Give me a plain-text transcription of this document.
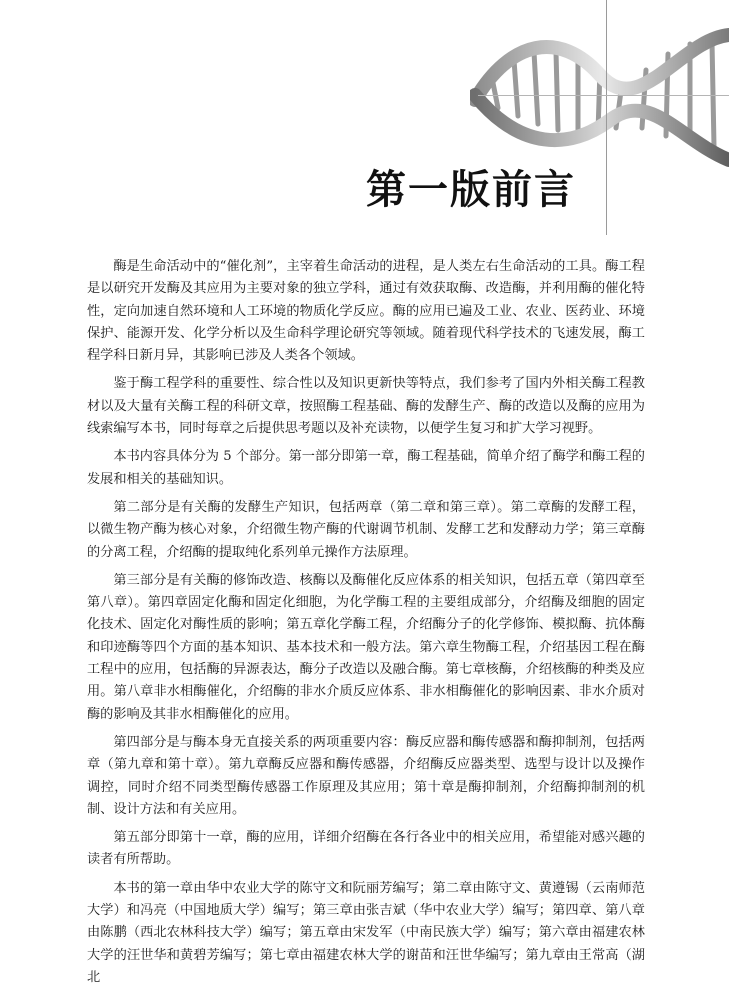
第一版前言

酶是生命活动中的“催化剂”，主宰着生命活动的进程，是人类左右生命活动的工具。酶工程是以研究开发酶及其应用为主要对象的独立学科，通过有效获取酶、改造酶，并利用酶的催化特性，定向加速自然环境和人工环境的物质化学反应。酶的应用已遍及工业、农业、医药业、环境保护、能源开发、化学分析以及生命科学理论研究等领域。随着现代科学技术的飞速发展，酶工程学科日新月异，其影响已涉及人类各个领域。

鉴于酶工程学科的重要性、综合性以及知识更新快等特点，我们参考了国内外相关酶工程教材以及大量有关酶工程的科研文章，按照酶工程基础、酶的发酵生产、酶的改造以及酶的应用为线索编写本书，同时每章之后提供思考题以及补充读物，以便学生复习和扩大学习视野。

本书内容具体分为 5 个部分。第一部分即第一章，酶工程基础，简单介绍了酶学和酶工程的发展和相关的基础知识。

第二部分是有关酶的发酵生产知识，包括两章（第二章和第三章）。第二章酶的发酵工程，以微生物产酶为核心对象，介绍微生物产酶的代谢调节机制、发酵工艺和发酵动力学；第三章酶的分离工程，介绍酶的提取纯化系列单元操作方法原理。

第三部分是有关酶的修饰改造、核酶以及酶催化反应体系的相关知识，包括五章（第四章至第八章）。第四章固定化酶和固定化细胞，为化学酶工程的主要组成部分，介绍酶及细胞的固定化技术、固定化对酶性质的影响；第五章化学酶工程，介绍酶分子的化学修饰、模拟酶、抗体酶和印迹酶等四个方面的基本知识、基本技术和一般方法。第六章生物酶工程，介绍基因工程在酶工程中的应用，包括酶的异源表达，酶分子改造以及融合酶。第七章核酶，介绍核酶的种类及应用。第八章非水相酶催化，介绍酶的非水介质反应体系、非水相酶催化的影响因素、非水介质对酶的影响及其非水相酶催化的应用。

第四部分是与酶本身无直接关系的两项重要内容：酶反应器和酶传感器和酶抑制剂，包括两章（第九章和第十章）。第九章酶反应器和酶传感器，介绍酶反应器类型、选型与设计以及操作调控，同时介绍不同类型酶传感器工作原理及其应用；第十章是酶抑制剂，介绍酶抑制剂的机制、设计方法和有关应用。

第五部分即第十一章，酶的应用，详细介绍酶在各行各业中的相关应用，希望能对感兴趣的读者有所帮助。

本书的第一章由华中农业大学的陈守文和阮丽芳编写；第二章由陈守文、黄遵锡（云南师范大学）和冯亮（中国地质大学）编写；第三章由张吉斌（华中农业大学）编写；第四章、第八章由陈鹏（西北农林科技大学）编写；第五章由宋发军（中南民族大学）编写；第六章由福建农林大学的汪世华和黄碧芳编写；第七章由福建农林大学的谢苗和汪世华编写；第九章由王常高（湖北
